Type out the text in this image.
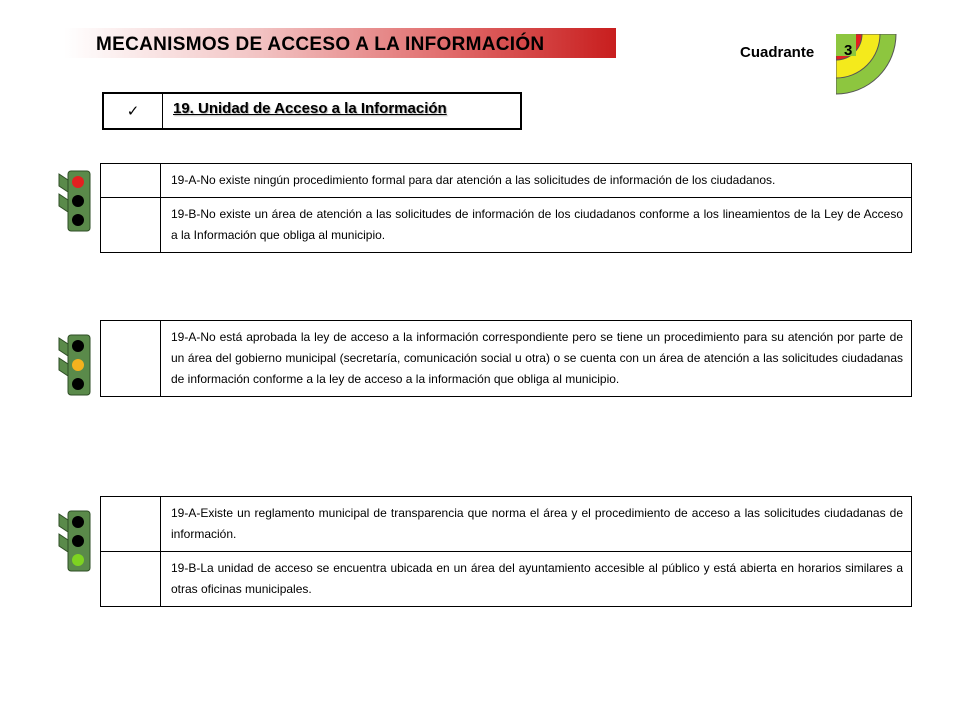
MECANISMOS DE ACCESO A LA INFORMACIÓN	Cuadrante 3
✓	19. Unidad de Acceso a la Información
	19-A-No existe ningún procedimiento formal para dar atención a las solicitudes de información de los ciudadanos.
	19-B-No existe un área de atención a las solicitudes de información de los ciudadanos conforme a los lineamientos de la Ley de Acceso a la Información que obliga al municipio.
	19-A-No está aprobada la ley de acceso a la información correspondiente pero se tiene un procedimiento para su atención por parte de un área del gobierno municipal (secretaría, comunicación social u otra) o se cuenta con un área de atención a las solicitudes ciudadanas de información conforme a la ley de acceso a la información que obliga al municipio.
	19-A-Existe un reglamento municipal de transparencia que norma el área y el procedimiento de acceso a las solicitudes ciudadanas de información.
	19-B-La unidad de acceso se encuentra ubicada en un área del ayuntamiento accesible al público y está abierta en horarios similares a otras oficinas municipales.
